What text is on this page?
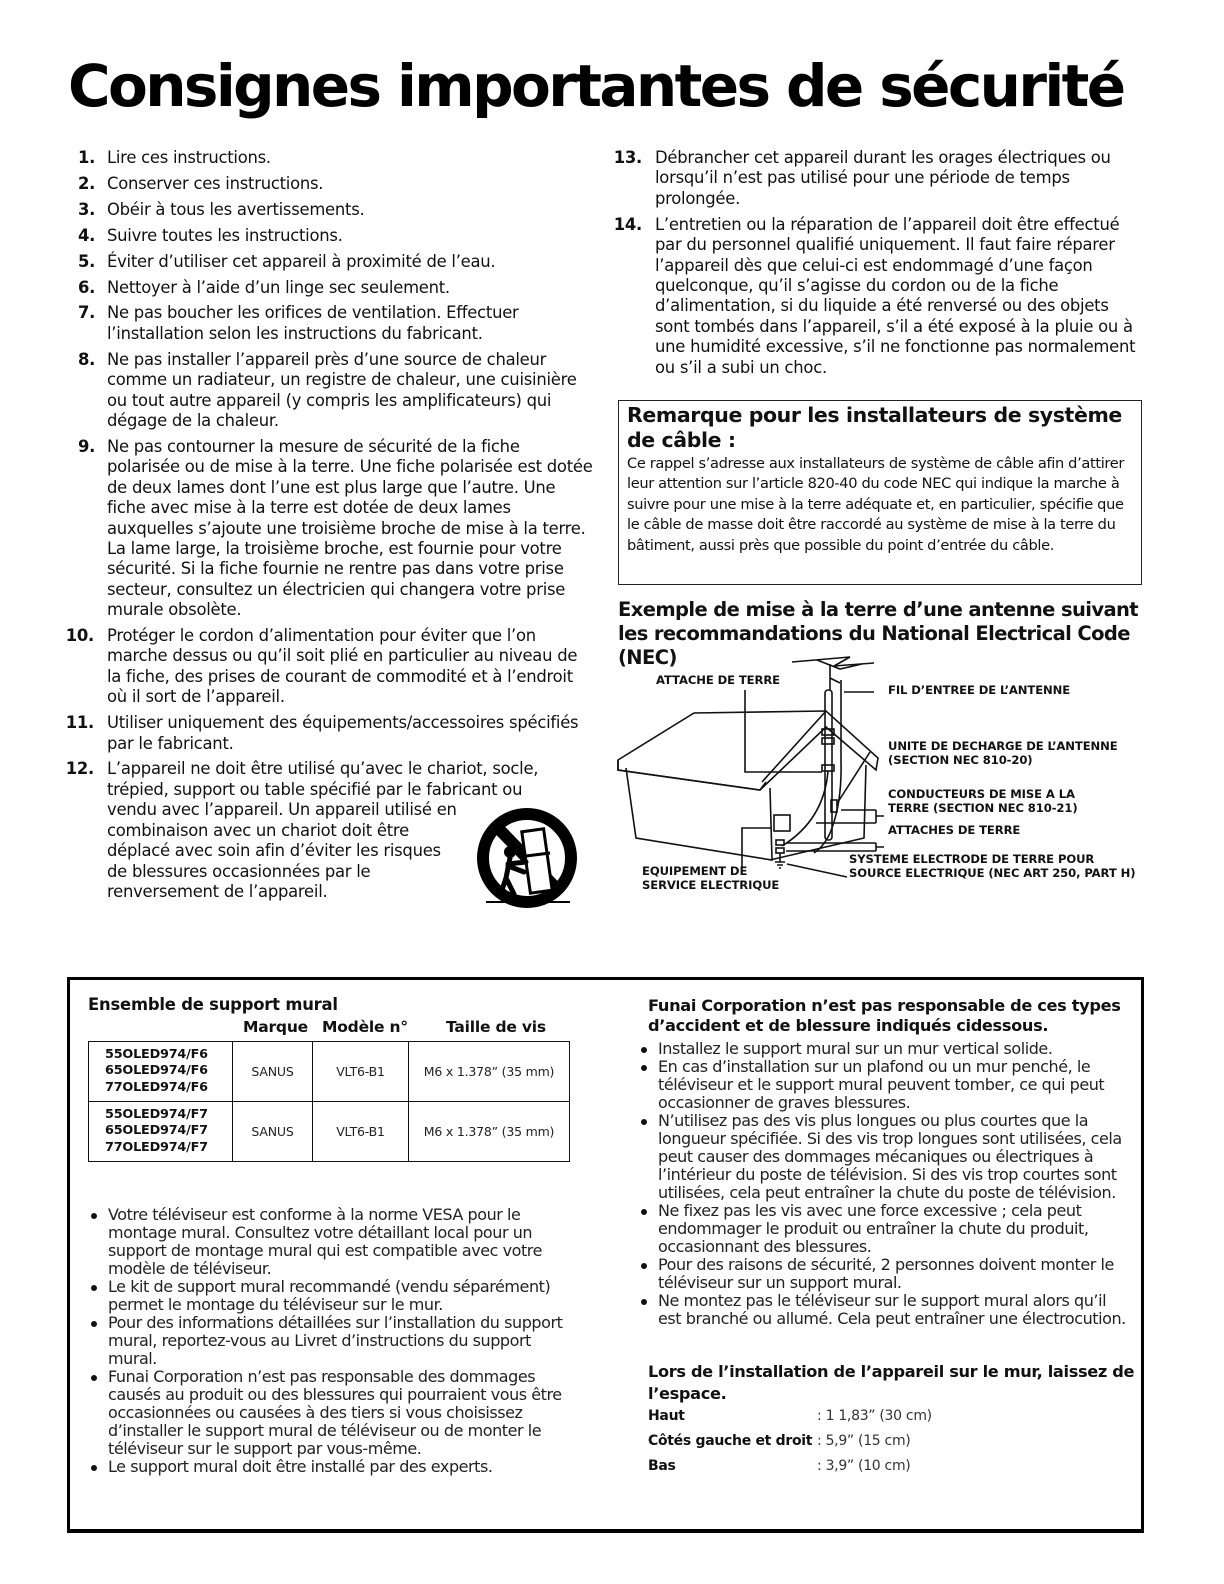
Consignes importantes de sécurité
1. Lire ces instructions.
2. Conserver ces instructions.
3. Obéir à tous les avertissements.
4. Suivre toutes les instructions.
5. Éviter d’utiliser cet appareil à proximité de l’eau.
6. Nettoyer à l’aide d’un linge sec seulement.
7. Ne pas boucher les orifices de ventilation. Effectuer l’installation selon les instructions du fabricant.
8. Ne pas installer l’appareil près d’une source de chaleur comme un radiateur, un registre de chaleur, une cuisinière ou tout autre appareil (y compris les amplificateurs) qui dégage de la chaleur.
9. Ne pas contourner la mesure de sécurité de la fiche polarisée ou de mise à la terre. Une fiche polarisée est dotée de deux lames dont l’une est plus large que l’autre. Une fiche avec mise à la terre est dotée de deux lames auxquelles s’ajoute une troisième broche de mise à la terre. La lame large, la troisième broche, est fournie pour votre sécurité. Si la fiche fournie ne rentre pas dans votre prise secteur, consultez un électricien qui changera votre prise murale obsolète.
10. Protéger le cordon d’alimentation pour éviter que l’on marche dessus ou qu’il soit plié en particulier au niveau de la fiche, des prises de courant de commodité et à l’endroit où il sort de l’appareil.
11. Utiliser uniquement des équipements/accessoires spécifiés par le fabricant.
12. L’appareil ne doit être utilisé qu’avec le chariot, socle, trépied, support ou table spécifié par le fabricant ou
vendu avec l’appareil. Un appareil utilisé en combinaison avec un chariot doit être déplacé avec soin afin d’éviter les risques de blessures occasionnées par le renversement de l’appareil.
13. Débrancher cet appareil durant les orages électriques ou lorsqu’il n’est pas utilisé pour une période de temps prolongée.
14. L’entretien ou la réparation de l’appareil doit être effectué par du personnel qualifié uniquement. Il faut faire réparer l’appareil dès que celui-ci est endommagé d’une façon quelconque, qu’il s’agisse du cordon ou de la fiche d’alimentation, si du liquide a été renversé ou des objets sont tombés dans l’appareil, s’il a été exposé à la pluie ou à une humidité excessive, s’il ne fonctionne pas normalement ou s’il a subi un choc.
Remarque pour les installateurs de système de câble :

Ce rappel s’adresse aux installateurs de système de câble afin d’attirer leur attention sur l’article 820-40 du code NEC qui indique la marche à suivre pour une mise à la terre adéquate et, en particulier, spécifie que le câble de masse doit être raccordé au système de mise à la terre du bâtiment, aussi près que possible du point d’entrée du câble.

Exemple de mise à la terre d’une antenne suivant les recommandations du National Electrical Code (NEC)
ATTACHE DE TERRE
FIL D’ENTREE DE L’ANTENNE
UNITE DE DECHARGE DE L’ANTENNE
(SECTION NEC 810-20)
CONDUCTEURS DE MISE A LA
TERRE (SECTION NEC 810-21)
ATTACHES DE TERRE
SYSTEME ELECTRODE DE TERRE POUR
SOURCE ELECTRIQUE (NEC ART 250, PART H)
EQUIPEMENT DE
SERVICE ELECTRIQUE
Ensemble de support mural
Marque Modèle n° Taille de vis
55OLED974/F6
65OLED974/F6
77OLED974/F6	SANUS	VLT6-B1	M6 x 1.378” (35 mm)

55OLED974/F7
65OLED974/F7
77OLED974/F7	SANUS	VLT6-B1	M6 x 1.378” (35 mm)
Votre téléviseur est conforme à la norme VESA pour le montage mural. Consultez votre détaillant local pour un support de montage mural qui est compatible avec votre modèle de téléviseur.
Le kit de support mural recommandé (vendu séparément) permet le montage du téléviseur sur le mur.
Pour des informations détaillées sur l’installation du support mural, reportez-vous au Livret d’instructions du support mural.
Funai Corporation n’est pas responsable des dommages causés au produit ou des blessures qui pourraient vous être occasionnées ou causées à des tiers si vous choisissez d’installer le support mural de téléviseur ou de monter le téléviseur sur le support par vous-même.
Le support mural doit être installé par des experts.
Funai Corporation n’est pas responsable de ces types d’accident et de blessure indiqués cidessous.
Installez le support mural sur un mur vertical solide.
En cas d’installation sur un plafond ou un mur penché, le téléviseur et le support mural peuvent tomber, ce qui peut occasionner de graves blessures.
N’utilisez pas des vis plus longues ou plus courtes que la longueur spécifiée. Si des vis trop longues sont utilisées, cela peut causer des dommages mécaniques ou électriques à l’intérieur du poste de télévision. Si des vis trop courtes sont utilisées, cela peut entraîner la chute du poste de télévision.
Ne fixez pas les vis avec une force excessive ; cela peut endommager le produit ou entraîner la chute du produit, occasionnant des blessures.
Pour des raisons de sécurité, 2 personnes doivent monter le téléviseur sur un support mural.
Ne montez pas le téléviseur sur le support mural alors qu’il est branché ou allumé. Cela peut entraîner une électrocution.
Lors de l’installation de l’appareil sur le mur, laissez de l’espace.
Haut	: 1 1,83” (30 cm)
Côtés gauche et droit : 5,9” (15 cm)
Bas	: 3,9” (10 cm)
